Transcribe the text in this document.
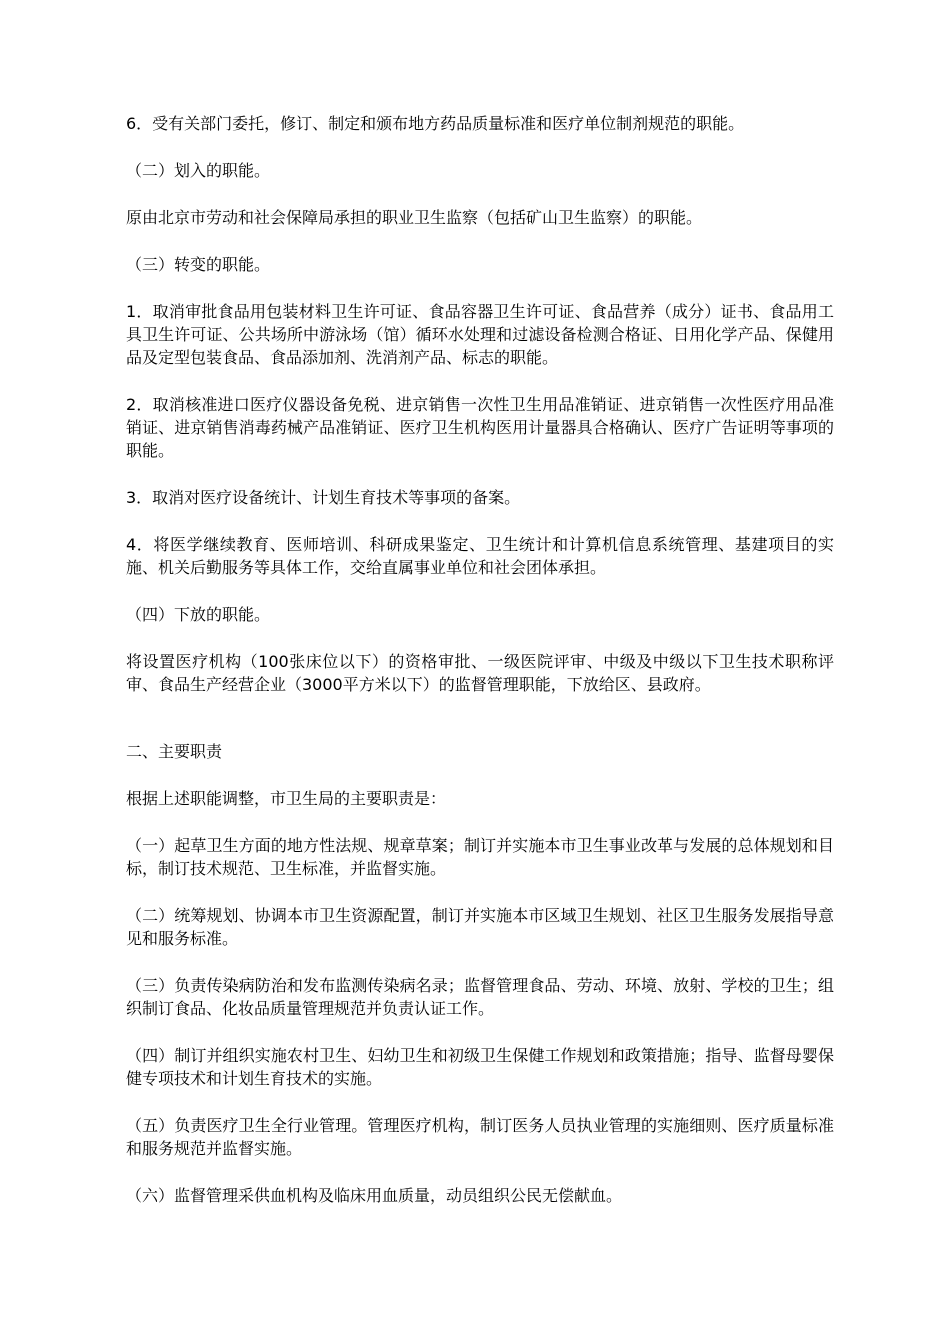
6．受有关部门委托，修订、制定和颁布地方药品质量标准和医疗单位制剂规范的职能。

（二）划入的职能。

原由北京市劳动和社会保障局承担的职业卫生监察（包括矿山卫生监察）的职能。

（三）转变的职能。

1．取消审批食品用包装材料卫生许可证、食品容器卫生许可证、食品营养（成分）证书、食品用工具卫生许可证、公共场所中游泳场（馆）循环水处理和过滤设备检测合格证、日用化学产品、保健用品及定型包装食品、食品添加剂、洗消剂产品、标志的职能。

2．取消核准进口医疗仪器设备免税、进京销售一次性卫生用品准销证、进京销售一次性医疗用品准销证、进京销售消毒药械产品准销证、医疗卫生机构医用计量器具合格确认、医疗广告证明等事项的职能。

3．取消对医疗设备统计、计划生育技术等事项的备案。

4．将医学继续教育、医师培训、科研成果鉴定、卫生统计和计算机信息系统管理、基建项目的实施、机关后勤服务等具体工作，交给直属事业单位和社会团体承担。

（四）下放的职能。

将设置医疗机构（100张床位以下）的资格审批、一级医院评审、中级及中级以下卫生技术职称评审、食品生产经营企业（3000平方米以下）的监督管理职能，下放给区、县政府。

二、主要职责

根据上述职能调整，市卫生局的主要职责是：

（一）起草卫生方面的地方性法规、规章草案；制订并实施本市卫生事业改革与发展的总体规划和目标，制订技术规范、卫生标准，并监督实施。

（二）统筹规划、协调本市卫生资源配置，制订并实施本市区域卫生规划、社区卫生服务发展指导意见和服务标准。

（三）负责传染病防治和发布监测传染病名录；监督管理食品、劳动、环境、放射、学校的卫生；组织制订食品、化妆品质量管理规范并负责认证工作。

（四）制订并组织实施农村卫生、妇幼卫生和初级卫生保健工作规划和政策措施；指导、监督母婴保健专项技术和计划生育技术的实施。

（五）负责医疗卫生全行业管理。管理医疗机构，制订医务人员执业管理的实施细则、医疗质量标准和服务规范并监督实施。

（六）监督管理采供血机构及临床用血质量，动员组织公民无偿献血。
